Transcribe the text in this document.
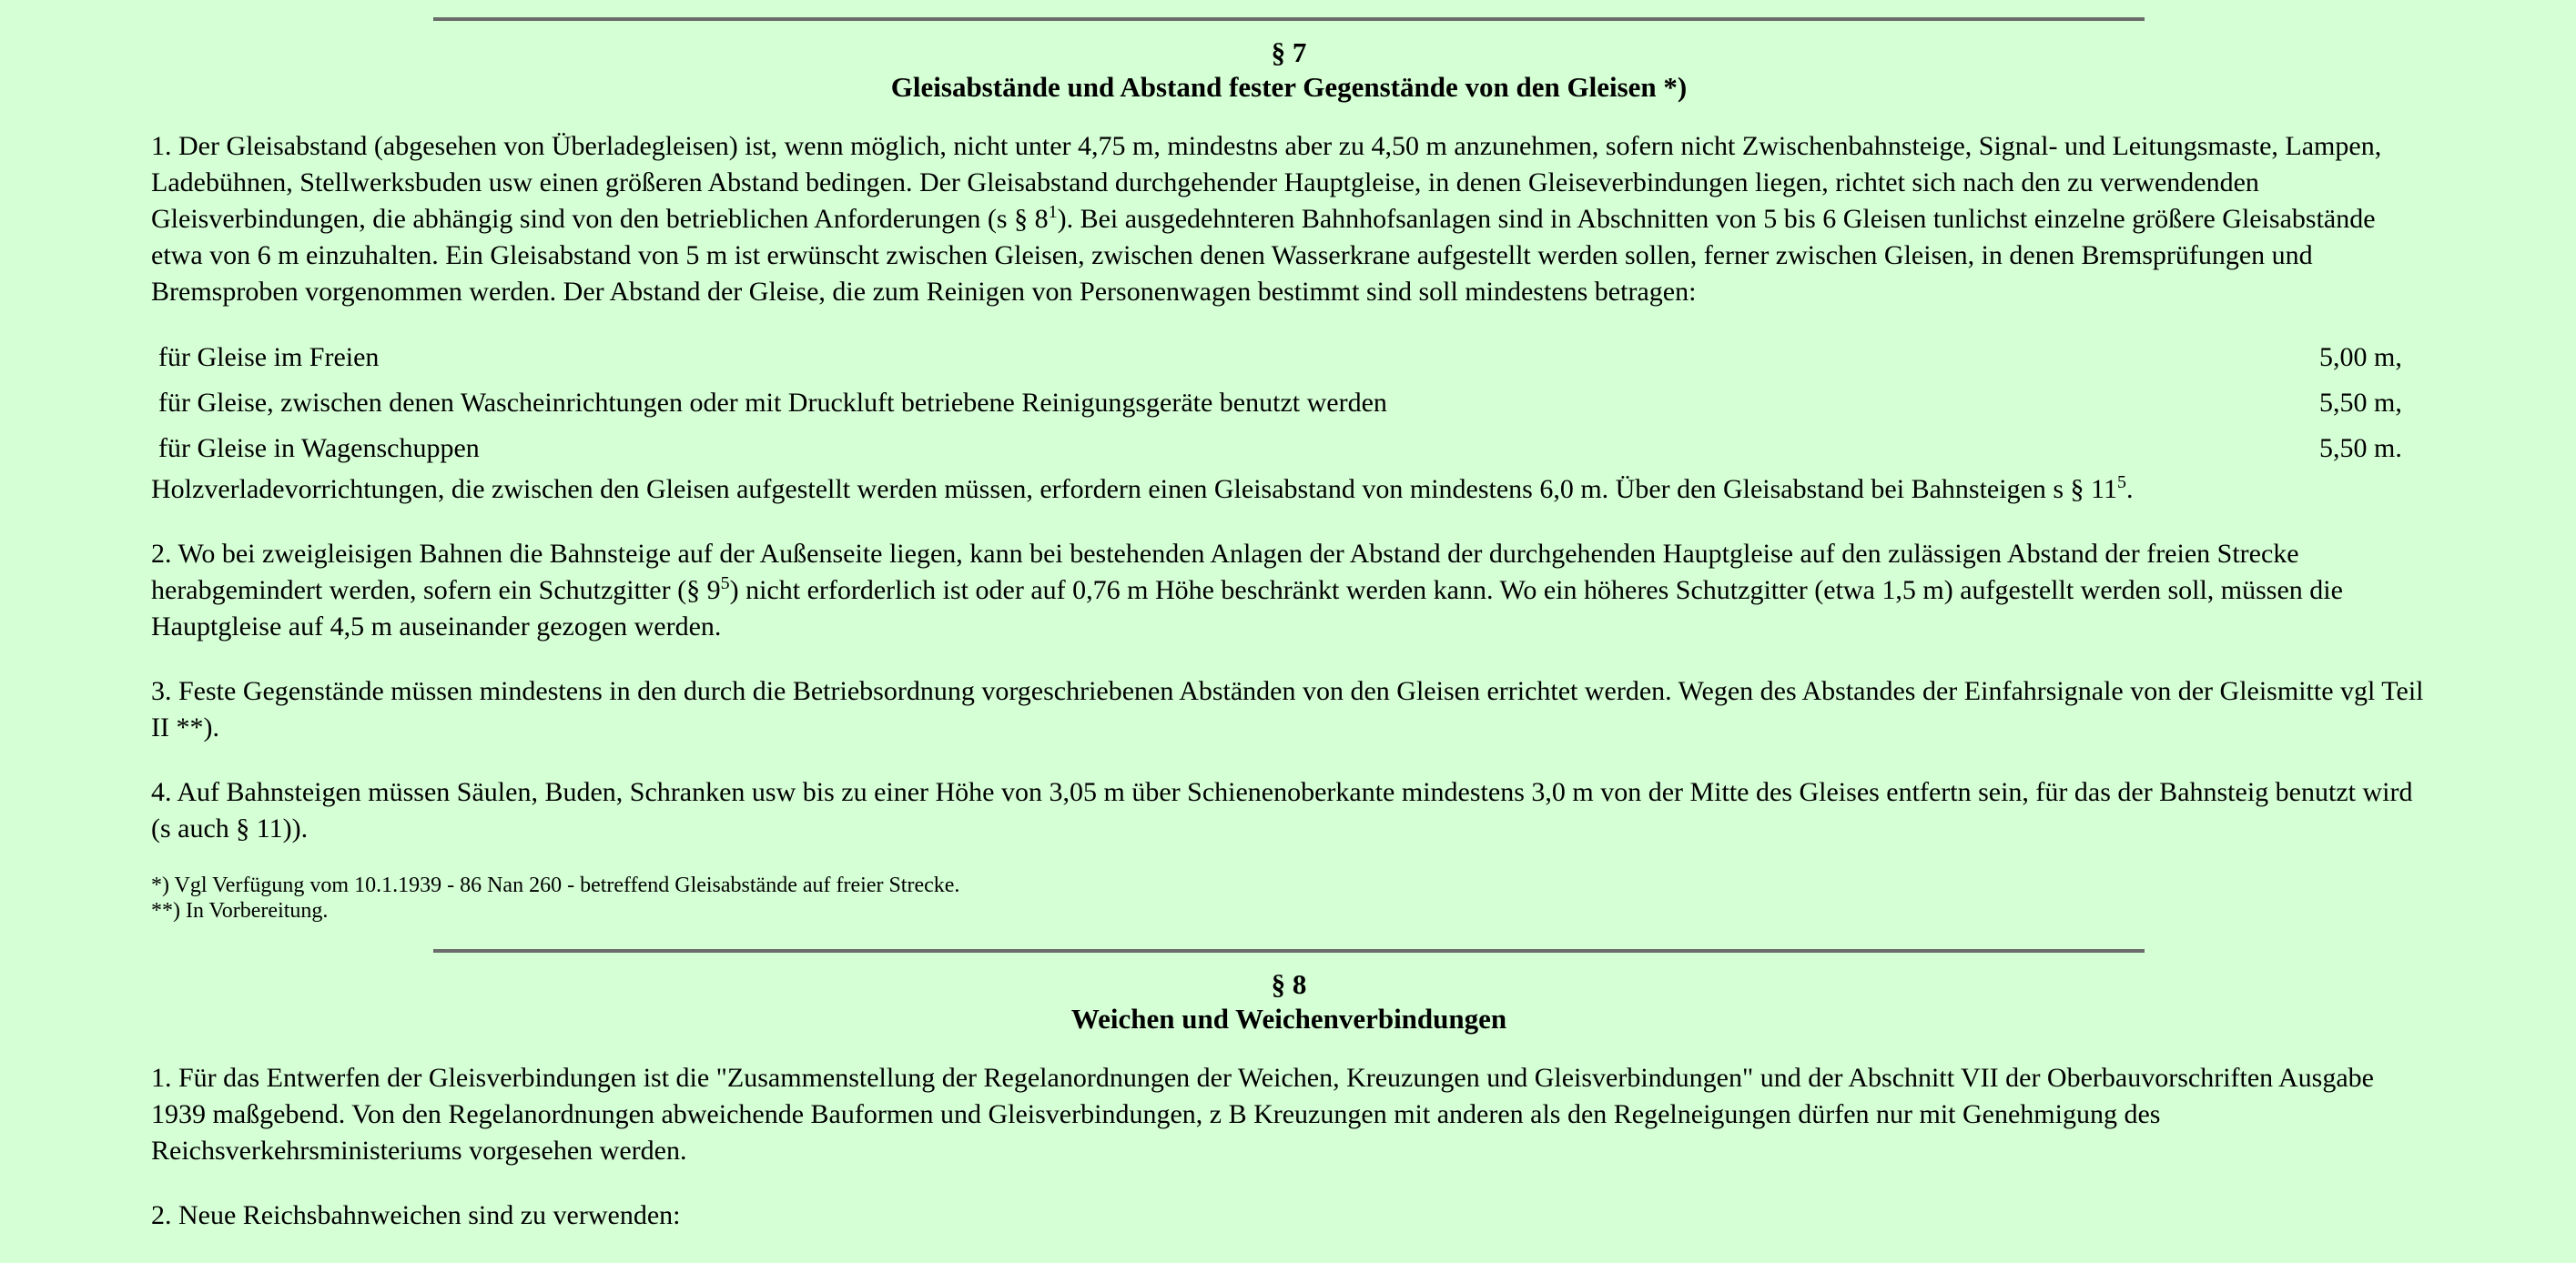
§ 7
Gleisabstände und Abstand fester Gegenstände von den Gleisen *)

1. Der Gleisabstand (abgesehen von Überladegleisen) ist, wenn möglich, nicht unter 4,75 m, mindestns aber zu 4,50 m anzunehmen, sofern nicht Zwischenbahnsteige, Signal- und Leitungsmaste, Lampen, Ladebühnen, Stellwerksbuden usw einen größeren Abstand bedingen. Der Gleisabstand durchgehender Hauptgleise, in denen Gleiseverbindungen liegen, richtet sich nach den zu verwendenden Gleisverbindungen, die abhängig sind von den betrieblichen Anforderungen (s § $8^1$). Bei ausgedehnteren Bahnhofsanlagen sind in Abschnitten von 5 bis 6 Gleisen tunlichst einzelne größere Gleisabstände etwa von 6 m einzuhalten. Ein Gleisabstand von 5 m ist erwünscht zwischen Gleisen, zwischen denen Wasserkrane aufgestellt werden sollen, ferner zwischen Gleisen, in denen Bremsprüfungen und Bremsproben vorgenommen werden. Der Abstand der Gleise, die zum Reinigen von Personenwagen bestimmt sind soll mindestens betragen:

für Gleise im Freien	5,00 m,
für Gleise, zwischen denen Wascheinrichtungen oder mit Druckluft betriebene Reinigungsgeräte benutzt werden	5,50 m,
für Gleise in Wagenschuppen	5,50 m.

Holzverladevorrichtungen, die zwischen den Gleisen aufgestellt werden müssen, erfordern einen Gleisabstand von mindestens 6,0 m. Über den Gleisabstand bei Bahnsteigen s § $11^5$.

2. Wo bei zweigleisigen Bahnen die Bahnsteige auf der Außenseite liegen, kann bei bestehenden Anlagen der Abstand der durchgehenden Hauptgleise auf den zulässigen Abstand der freien Strecke herabgemindert werden, sofern ein Schutzgitter (§ $9^5$) nicht erforderlich ist oder auf 0,76 m Höhe beschränkt werden kann. Wo ein höheres Schutzgitter (etwa 1,5 m) aufgestellt werden soll, müssen die Hauptgleise auf 4,5 m auseinander gezogen werden.

3. Feste Gegenstände müssen mindestens in den durch die Betriebsordnung vorgeschriebenen Abständen von den Gleisen errichtet werden. Wegen des Abstandes der Einfahrsignale von der Gleismitte vgl Teil II **).

4. Auf Bahnsteigen müssen Säulen, Buden, Schranken usw bis zu einer Höhe von 3,05 m über Schienenoberkante mindestens 3,0 m von der Mitte des Gleises entfertn sein, für das der Bahnsteig benutzt wird (s auch § 11)).

*) Vgl Verfügung vom 10.1.1939 - 86 Nan 260 - betreffend Gleisabstände auf freier Strecke.
**) In Vorbereitung.
§ 8
Weichen und Weichenverbindungen

1. Für das Entwerfen der Gleisverbindungen ist die "Zusammenstellung der Regelanordnungen der Weichen, Kreuzungen und Gleisverbindungen" und der Abschnitt VII der Oberbauvorschriften Ausgabe 1939 maßgebend. Von den Regelanordnungen abweichende Bauformen und Gleisverbindungen, z B Kreuzungen mit anderen als den Regelneigungen dürfen nur mit Genehmigung des Reichsverkehrsministeriums vorgesehen werden.

2. Neue Reichsbahnweichen sind zu verwenden:
